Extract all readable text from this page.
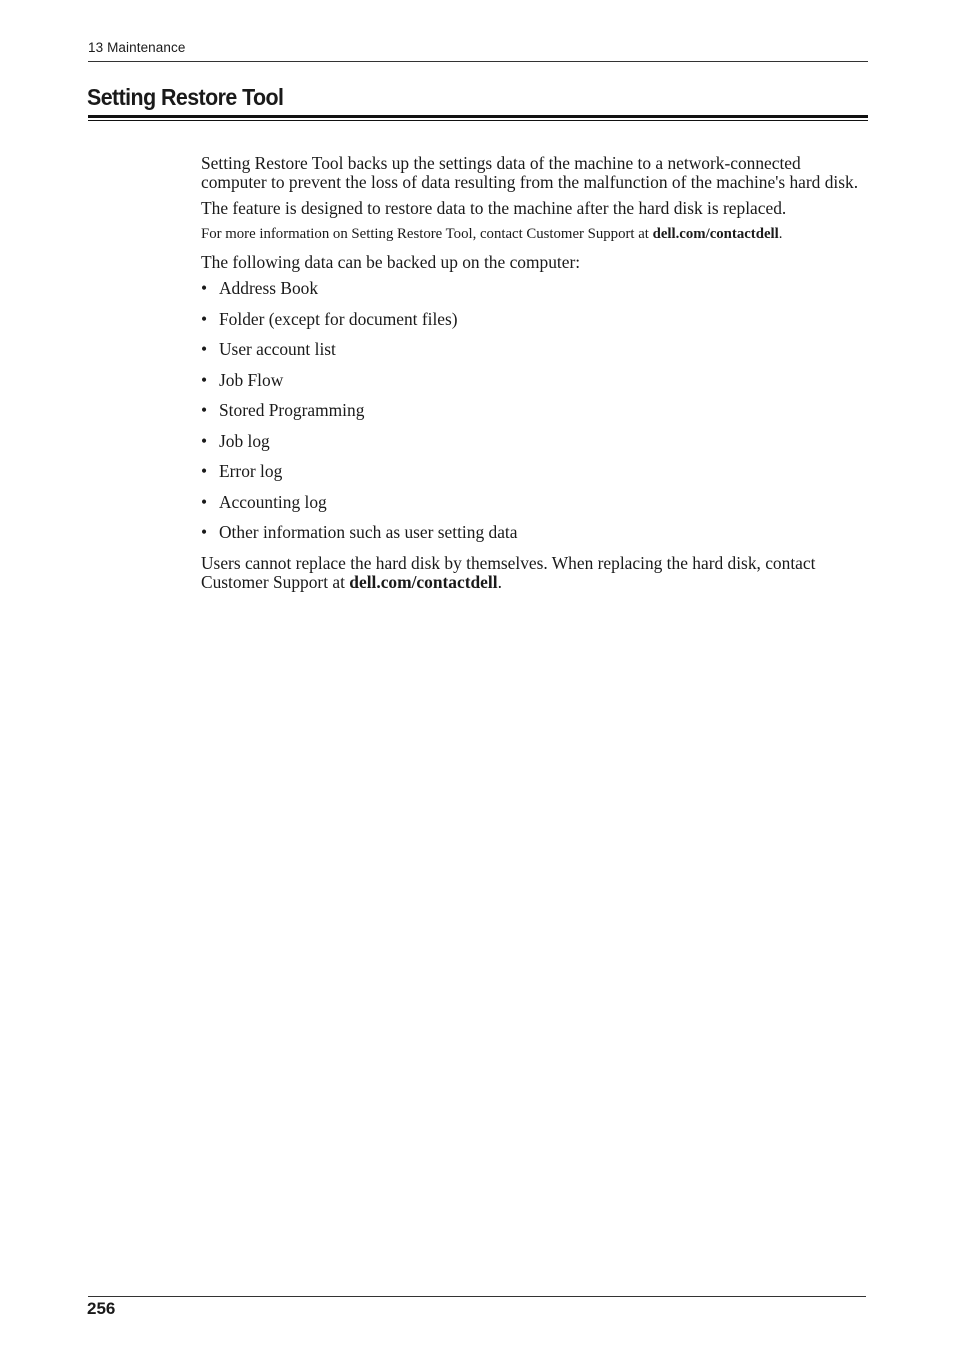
13 Maintenance
Setting Restore Tool

Setting Restore Tool backs up the settings data of the machine to a network-connected computer to prevent the loss of data resulting from the malfunction of the machine's hard disk.

The feature is designed to restore data to the machine after the hard disk is replaced.

For more information on Setting Restore Tool, contact Customer Support at dell.com/contactdell.

The following data can be backed up on the computer:

• Address Book
• Folder (except for document files)
• User account list
• Job Flow
• Stored Programming
• Job log
• Error log
• Accounting log
• Other information such as user setting data

Users cannot replace the hard disk by themselves. When replacing the hard disk, contact Customer Support at dell.com/contactdell.

256
